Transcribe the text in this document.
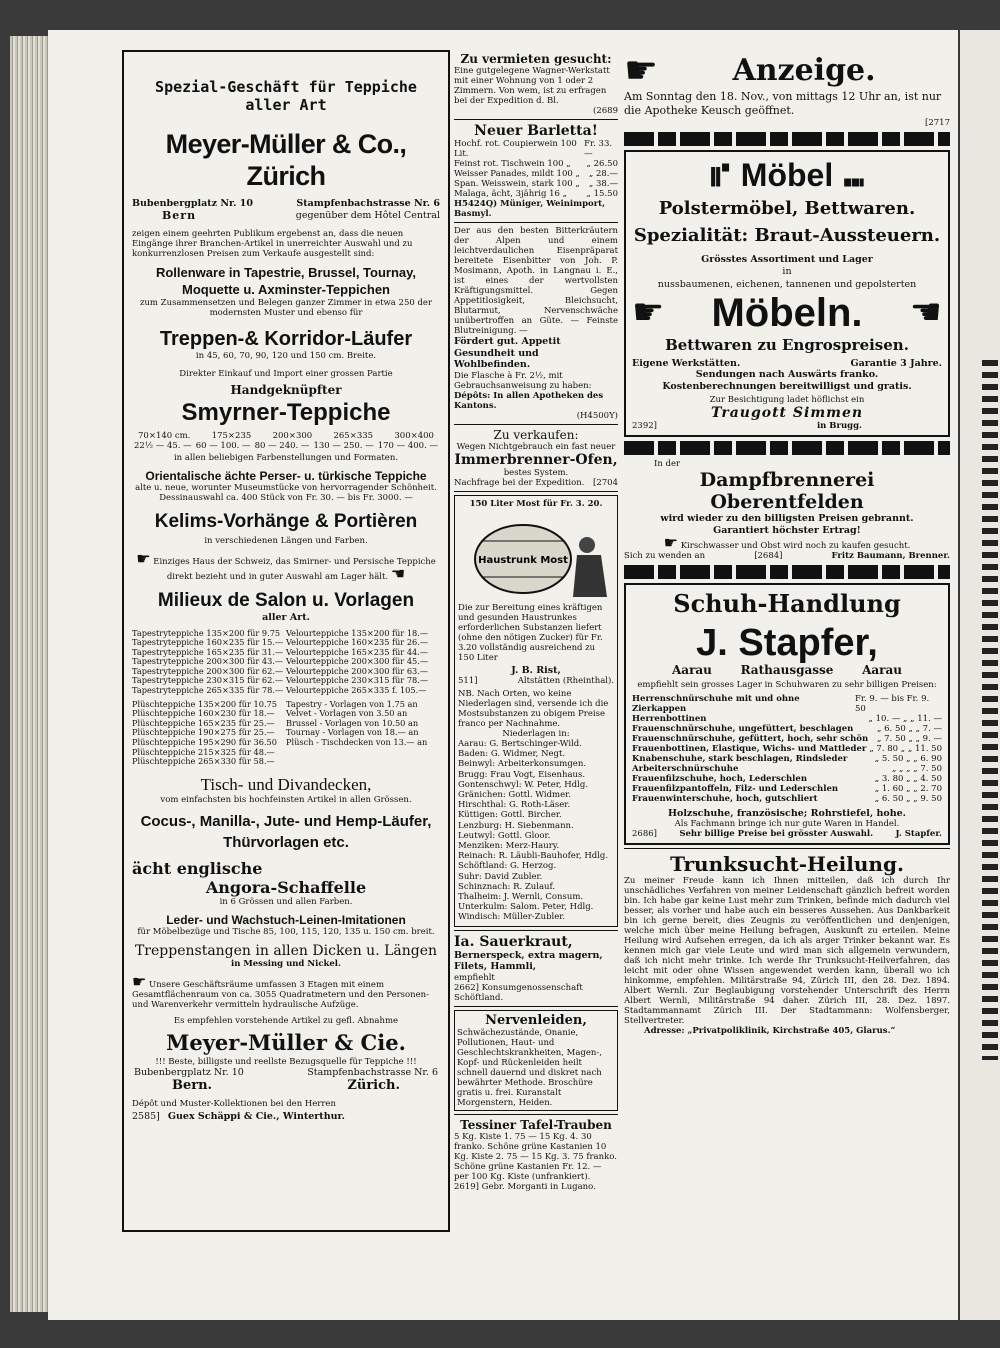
Spezial-Geschäft für Teppiche aller Art
Meyer-Müller & Co., Zürich
Bubenbergplatz Nr. 10
Bern
Stampfenbachstrasse Nr. 6
gegenüber dem Hôtel Central
zeigen einem geehrten Publikum ergebenst an, dass die neuen Eingänge ihrer Branchen-Artikel in unerreichter Auswahl und zu konkurrenzlosen Preisen zum Verkaufe ausgestellt sind:
Rollenware in Tapestrie, Brussel, Tournay, Moquette u. Axminster-Teppichen
zum Zusammensetzen und Belegen ganzer Zimmer in etwa 250 der modernsten Muster und ebenso für
Treppen-& Korridor-Läufer
in 45, 60, 70, 90, 120 und 150 cm. Breite.
Direkter Einkauf und Import einer grossen Partie
Handgeknüpfter
Smyrner-Teppiche
70×140 cm.	175×235	200×300	265×335	300×400
22½ — 45. — 60 — 100. — 80 — 240. — 130 — 250. — 170 — 400. —
in allen beliebigen Farbenstellungen und Formaten.
Orientalische ächte Perser- u. türkische Teppiche
alte u. neue, worunter Museumstücke von hervorragender Schönheit.
Dessinauswahl ca. 400 Stück von Fr. 30. — bis Fr. 3000. —
Kelims-Vorhänge & Portièren
in verschiedenen Längen und Farben.
☛ Einziges Haus der Schweiz, das Smirner- und Persische Teppiche direkt bezieht und in guter Auswahl am Lager hält. ☚
Milieux de Salon u. Vorlagen
aller Art.
Tapestryteppiche 135×200 für 9.75 Velourteppiche 135×200 für 18.—
Tapestryteppiche 160×235 für 15.— Velourteppiche 160×235 für 26.—
Tapestryteppiche 165×235 für 31.— Velourteppiche 165×235 für 44.—
Tapestryteppiche 200×300 für 43.— Velourteppiche 200×300 für 45.—
Tapestryteppiche 200×300 für 62.— Velourteppiche 200×300 für 63.—
Tapestryteppiche 230×315 für 62.— Velourteppiche 230×315 für 78.—
Tapestryteppiche 265×335 für 78.— Velourteppiche 265×335 f. 105.—
Plüschteppiche 135×200 für 10.75	Tapestry - Vorlagen von 1.75 an
Plüschteppiche 160×230 für 18.—	Velvet - Vorlagen von 3.50 an
Plüschteppiche 165×235 für 25.—	Brussel - Vorlagen von 10.50 an
Plüschteppiche 190×275 für 25.—	Tournay - Vorlagen von 18.— an
Plüschteppiche 195×290 für 36.50	Plüsch - Tischdecken von 13.— an
Plüschteppiche 215×325 für 48.—
Plüschteppiche 265×330 für 58.—
Tisch- und Divandecken,
vom einfachsten bis hochfeinsten Artikel in allen Grössen.
Cocus-, Manilla-, Jute- und Hemp-Läufer, Thürvorlagen etc.
ächt englische
Angora-Schaffelle
in 6 Grössen und allen Farben.
Leder- und Wachstuch-Leinen-Imitationen
für Möbelbezüge und Tische 85, 100, 115, 120, 135 u. 150 cm. breit.
Treppenstangen in allen Dicken u. Längen
in Messing und Nickel.
☛ Unsere Geschäftsräume umfassen 3 Etagen mit einem Gesamtflächenraum von ca. 3055 Quadratmetern und den Personen- und Warenverkehr vermitteln hydraulische Aufzüge.
Es empfehlen vorstehende Artikel zu gefl. Abnahme
Meyer-Müller & Cie.
!!! Beste, billigste und reellste Bezugsquelle für Teppiche !!!
Bubenbergplatz Nr. 10	Stampfenbachstrasse Nr. 6
Bern.	Zürich.
Dépôt und Muster-Kollektionen bei den Herren
2585] Guex Schäppi & Cie., Winterthur.
Zu vermieten gesucht:
Eine gutgelegene Wagner-Werkstatt mit einer Wohnung von 1 oder 2 Zimmern. Von wem, ist zu erfragen bei der Expedition d. Bl.
(2689
Neuer Barletta!
Hochf. rot. Coupierwein 100 Lit.
Fr. 33.—
Feinst rot. Tischwein 100 „ „ 26.50
Weisser Panades, mildt 100 „ „ 28.—
Span. Weisswein, stark 100 „ „ 38.—
Malaga, ächt, 3jährig 16 „ „ 15.50
H5424Q) Müniger, Weinimport, Basmyl.
Der aus den besten Bitterkräutern der Alpen und einem leichtverdaulichen Eisenpräparat bereitete Eisenbitter von Joh. P. Mosimann, Apoth. in Langnau i. E., ist eines der wertvollsten Kräftigungsmittel. Gegen Appetitlosigkeit, Bleichsucht, Blutarmut, Nervenschwäche unübertroffen an Güte. — Feinste Blutreinigung. —
Fördert gut. Appetit Gesundheit und Wohlbefinden.
Die Flasche à Fr. 2½, mit Gebrauchsanweisung zu haben:
Dépôts: In allen Apotheken des Kantons.
(H4500Y)
Zu verkaufen:
Wegen Nichtgebrauch ein fast neuer
Immerbrenner-Ofen,
bestes System.
Nachfrage bei der Expedition. [2704
150 Liter Most für Fr. 3. 20.
Haustrunk Most
Die zur Bereitung eines kräftigen und gesunden Haustrunkes erforderlichen Substanzen liefert (ohne den nötigen Zucker) für Fr. 3.20 vollständig ausreichend zu 150 Liter
J. B. Rist,
511]	Altstätten (Rheinthal).
NB. Nach Orten, wo keine Niederlagen sind, versende ich die Mostsubstanzen zu obigem Preise franco per Nachnahme.
Niederlagen in:
Aarau: G. Bertschinger-Wild.
Baden: G. Widmer, Negt.
Beinwyl: Arbeiterkonsumgen.
Brugg: Frau Vogt, Eisenhaus.
Gontenschwyl: W. Peter, Hdlg.
Gränichen: Gottl. Widmer.
Hirschthal: G. Roth-Läser.
Küttigen: Gottl. Bircher.
Lenzburg: H. Siebenmann.
Leutwyl: Gottl. Gloor.
Menziken: Merz-Haury.
Reinach: R. Läubli-Bauhofer, Hdlg.
Schöftland: G. Herzog.
Suhr: David Zubler.
Schinznach: R. Zulauf.
Thalheim: J. Wernli, Consum.
Unterkulm: Salom. Peter, Hdlg.
Windisch: Müller-Zubler.
Ia. Sauerkraut,
Bernerspeck, extra magern, Filets, Hammli,
empfiehlt
2662] Konsumgenossenschaft Schöftland.
Nervenleiden,
Schwächezustände, Onanie, Pollutionen, Haut- und Geschlechtskrankheiten, Magen-, Kopf- und Rückenleiden heilt schnell dauernd und diskret nach bewährter Methode. Broschüre gratis u. frei. Kuranstalt Morgenstern, Heiden.
Tessiner Tafel-Trauben
5 Kg. Kiste 1. 75 — 15 Kg. 4. 30 franko. Schöne grüne Kastanien 10 Kg. Kiste 2. 75 — 15 Kg. 3. 75 franko. Schöne grüne Kastanien Fr. 12. — per 100 Kg. Kiste (unfrankiert).
2619] Gebr. Morganti in Lugano.
☛	Anzeige.
Am Sonntag den 18. Nov., von mittags 12 Uhr an, ist nur die Apotheke Keusch geöffnet.
[2717
⑈ Möbel ⑉
Polstermöbel, Bettwaren.
Spezialität: Braut-Aussteuern.
Grösstes Assortiment und Lager
in
nussbaumenen, eichenen, tannenen und gepolsterten
☛ Möbeln. ☚
Bettwaren zu Engrospreisen.
Eigene Werkstätten.	Garantie 3 Jahre.
Sendungen nach Auswärts franko.
Kostenberechnungen bereitwilligst und gratis.
Zur Besichtigung ladet höflichst ein
Traugott Simmen
2392]	in Brugg.
In der
Dampfbrennerei Oberentfelden
wird wieder zu den billigsten Preisen gebrannt.
Garantiert höchster Ertrag!
☛ Kirschwasser und Obst wird noch zu kaufen gesucht.
Sich zu wenden an	[2684]	Fritz Baumann, Brenner.
Schuh-Handlung
J. Stapfer,
Aarau Rathausgasse Aarau
empfiehlt sein grosses Lager in Schuhwaren zu sehr billigen Preisen:
Herrenschnürschuhe mit und ohne Zierkappen
Fr. 9. — bis Fr. 9. 50
Herrenbottinen	„ 10. — „ „ 11. —
Frauenschnürschuhe, ungefüttert, beschlagen	„ 6. 50 „ „ 7. —
Frauenschnürschuhe, gefüttert, hoch, sehr schön „ 7. 50 „ „ 9. —
Frauenbottinen, Elastique, Wichs- und Mattleder „ 7. 80 „ „ 11. 50
Knabenschuhe, stark beschlagen, Rindsleder	„ 5. 50 „ „ 6. 90
Arbeiterschnürschuhe	„ „ „ „ 7. 50
Frauenfilzschuhe, hoch, Lederschlen	„ 3. 80 „ „ 4. 50
Frauenfilzpantoffeln, Filz- und Lederschlen	„ 1. 60 „ „ 2. 70
Frauenwinterschuhe, hoch, gutschliert	„ 6. 50 „ „ 9. 50
Holzschuhe, französische; Rohrstiefel, hohe.
Als Fachmann bringe ich nur gute Waren in Handel.
2686]	Sehr billige Preise bei grösster Auswahl.	J. Stapfer.
Trunksucht-Heilung.
Zu meiner Freude kann ich Ihnen mitteilen, daß ich durch Ihr unschädliches Verfahren von meiner Leidenschaft gänzlich befreit worden bin. Ich habe gar keine Lust mehr zum Trinken, befinde mich dadurch viel besser, als vorher und habe auch ein besseres Aussehen. Aus Dankbarkeit bin ich gerne bereit, dies Zeugnis zu veröffentlichen und denjenigen, welche mich über meine Heilung befragen, Auskunft zu erteilen. Meine Heilung wird Aufsehen erregen, da ich als arger Trinker bekannt war. Es kennen mich gar viele Leute und wird man sich allgemein verwundern, daß ich nicht mehr trinke. Ich werde Ihr Trunksucht-Heilverfahren, das leicht mit oder ohne Wissen angewendet werden kann, überall wo ich hinkomme, empfehlen. Militärstraße 94, Zürich III, den 28. Dez. 1894. Albert Wernli. Zur Beglaubigung vorstehender Unterschrift des Herrn Albert Wernli, Militärstraße 94 daher. Zürich III, 28. Dez. 1897. Stadtammannamt Zürich III. Der Stadtammann: Wolfensberger, Stellvertreter.
Adresse: „Privatpoliklinik, Kirchstraße 405, Glarus.“
